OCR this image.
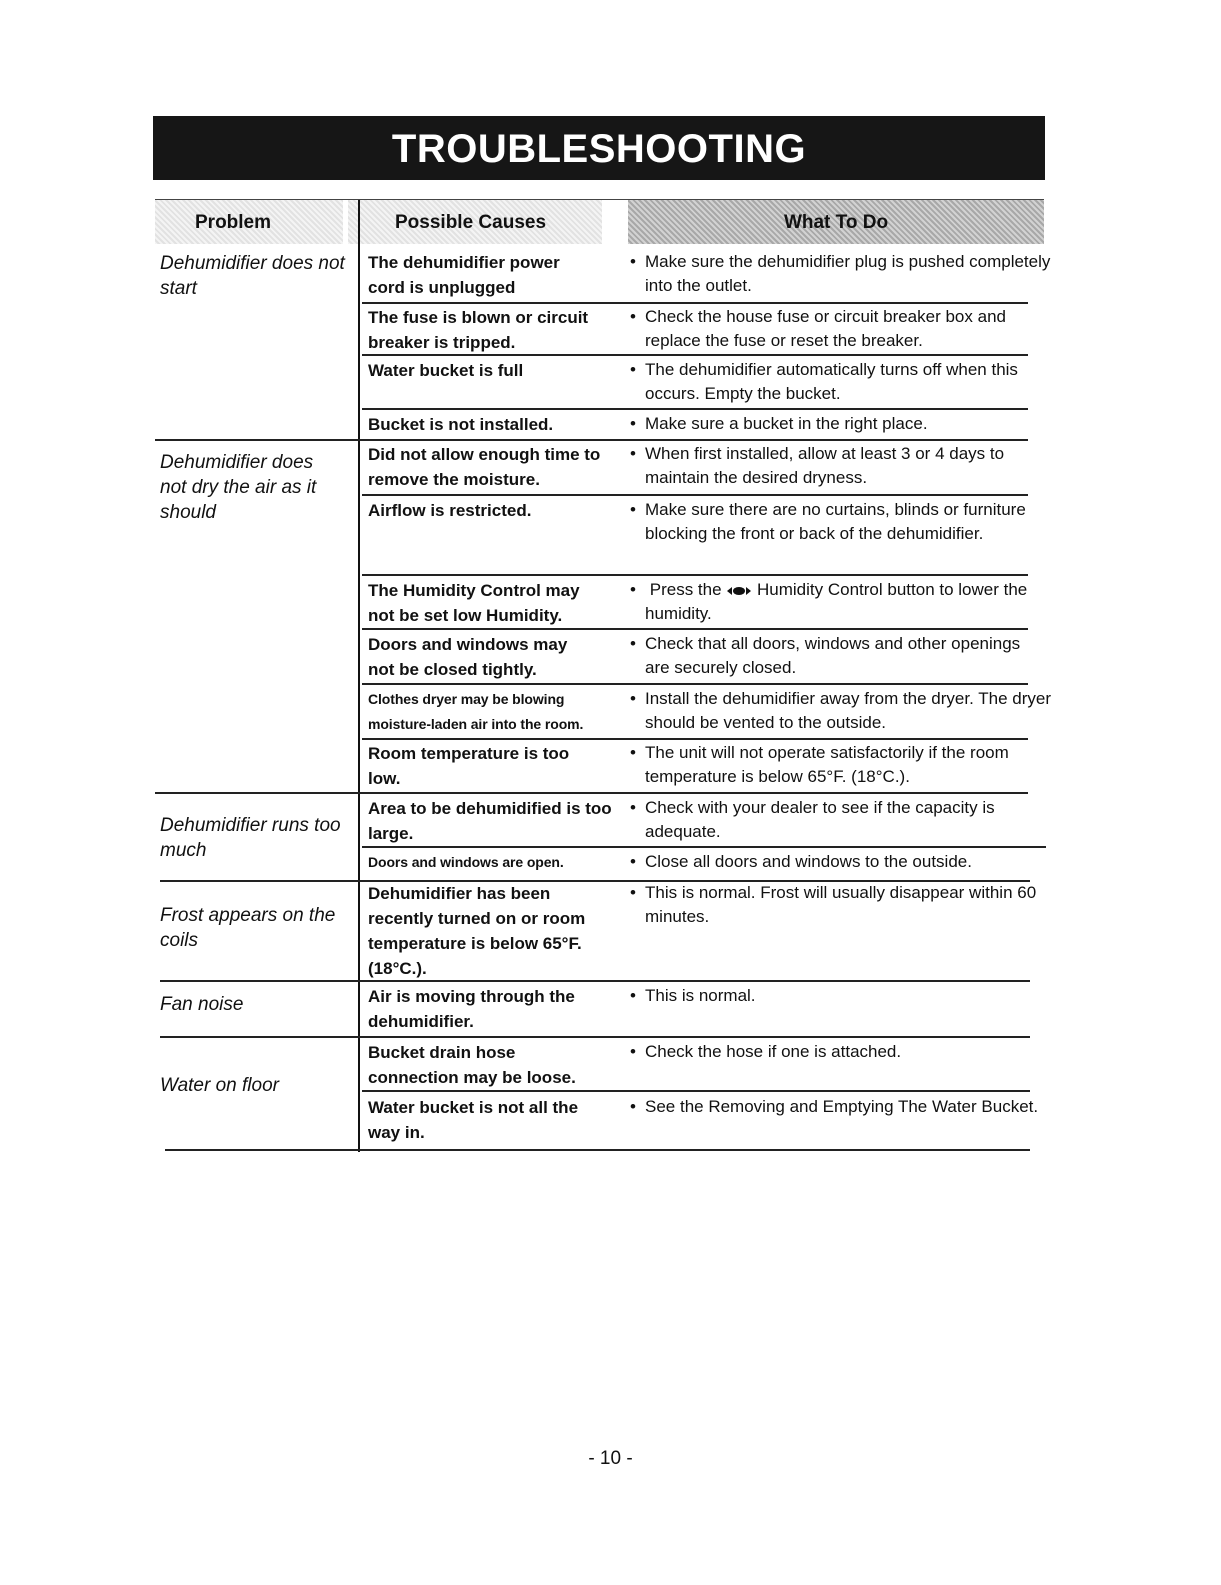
TROUBLESHOOTING
Problem	Possible Causes	What To Do
Dehumidifier does not start
Dehumidifier does not dry the air as it should
Dehumidifier runs too much
Frost appears on the coils
Fan noise
Water on floor
The dehumidifier power cord is unplugged
The fuse is blown or circuit breaker is tripped.
Water bucket is full
Bucket is not installed.
Did not allow enough time to remove the moisture.
Airflow is restricted.
The Humidity Control may not be set low Humidity.
Doors and windows may not be closed tightly.
Clothes dryer may be blowing moisture-laden air into the room.
Room temperature is too low.
Area to be dehumidified is too large.
Doors and windows are open.
Dehumidifier has been recently turned on or room temperature is below 65°F. (18°C.).
Air is moving through the dehumidifier.
Bucket drain hose connection may be loose.
Water bucket is not all the way in.
• Make sure the dehumidifier plug is pushed completely into the outlet.
• Check the house fuse or circuit breaker box and replace the fuse or reset the breaker.
• The dehumidifier automatically turns off when this occurs. Empty the bucket.
• Make sure a bucket in the right place.
• When first installed, allow at least 3 or 4 days to maintain the desired dryness.
• Make sure there are no curtains, blinds or furniture blocking the front or back of the dehumidifier.
• Press the Humidity Control button to lower the humidity.
• Check that all doors, windows and other openings are securely closed.
• Install the dehumidifier away from the dryer. The dryer should be vented to the outside.
• The unit will not operate satisfactorily if the room temperature is below 65°F. (18°C.).
• Check with your dealer to see if the capacity is adequate.
• Close all doors and windows to the outside.
• This is normal. Frost will usually disappear within 60 minutes.
• This is normal.
• Check the hose if one is attached.
• See the Removing and Emptying The Water Bucket.
- 10 -
